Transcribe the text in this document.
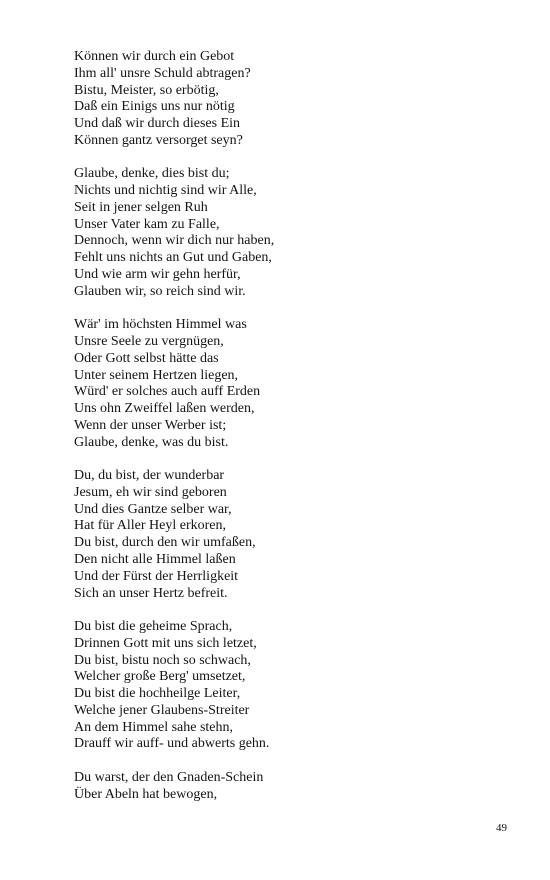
Können wir durch ein Gebot
Ihm all' unsre Schuld abtragen?
Bistu, Meister, so erbötig,
Daß ein Einigs uns nur nötig
Und daß wir durch dieses Ein
Können gantz versorget seyn?
Glaube, denke, dies bist du;
Nichts und nichtig sind wir Alle,
Seit in jener selgen Ruh
Unser Vater kam zu Falle,
Dennoch, wenn wir dich nur haben,
Fehlt uns nichts an Gut und Gaben,
Und wie arm wir gehn herfür,
Glauben wir, so reich sind wir.
Wär' im höchsten Himmel was
Unsre Seele zu vergnügen,
Oder Gott selbst hätte das
Unter seinem Hertzen liegen,
Würd' er solches auch auff Erden
Uns ohn Zweiffel laßen werden,
Wenn der unser Werber ist;
Glaube, denke, was du bist.
Du, du bist, der wunderbar
Jesum, eh wir sind geboren
Und dies Gantze selber war,
Hat für Aller Heyl erkoren,
Du bist, durch den wir umfaßen,
Den nicht alle Himmel laßen
Und der Fürst der Herrligkeit
Sich an unser Hertz befreit.
Du bist die geheime Sprach,
Drinnen Gott mit uns sich letzet,
Du bist, bistu noch so schwach,
Welcher große Berg' umsetzet,
Du bist die hochheilge Leiter,
Welche jener Glaubens-Streiter
An dem Himmel sahe stehn,
Drauff wir auff- und abwerts gehn.
Du warst, der den Gnaden-Schein
Über Abeln hat bewogen,
49
